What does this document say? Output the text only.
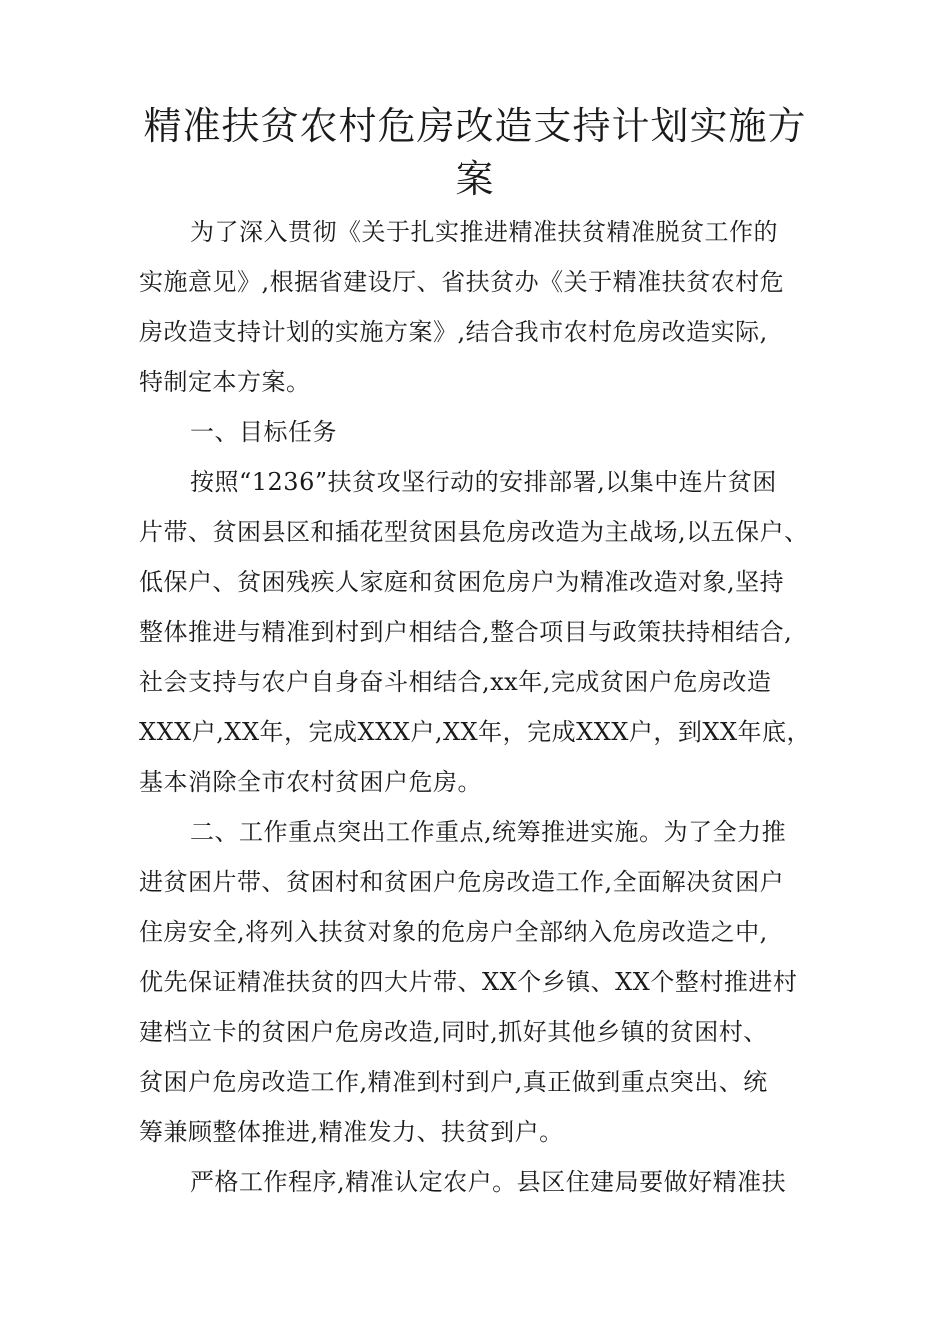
精准扶贫农村危房改造支持计划实施方
案
为了深入贯彻《关于扎实推进精准扶贫精准脱贫工作的
实施意见》,根据省建设厅、省扶贫办《关于精准扶贫农村危
房改造支持计划的实施方案》,结合我市农村危房改造实际,
特制定本方案。
一、目标任务
按照“1236”扶贫攻坚行动的安排部署,以集中连片贫困
片带、贫困县区和插花型贫困县危房改造为主战场,以五保户、
低保户、贫困残疾人家庭和贫困危房户为精准改造对象,坚持
整体推进与精准到村到户相结合,整合项目与政策扶持相结合,
社会支持与农户自身奋斗相结合,xx年,完成贫困户危房改造
XXX户,XX年，完成XXX户,XX年，完成XXX户，到XX年底，
基本消除全市农村贫困户危房。
二、工作重点突出工作重点,统筹推进实施。为了全力推
进贫困片带、贫困村和贫困户危房改造工作,全面解决贫困户
住房安全,将列入扶贫对象的危房户全部纳入危房改造之中,
优先保证精准扶贫的四大片带、XX个乡镇、XX个整村推进村
建档立卡的贫困户危房改造,同时,抓好其他乡镇的贫困村、
贫困户危房改造工作,精准到村到户,真正做到重点突出、统
筹兼顾整体推进,精准发力、扶贫到户。
严格工作程序,精准认定农户。县区住建局要做好精准扶
